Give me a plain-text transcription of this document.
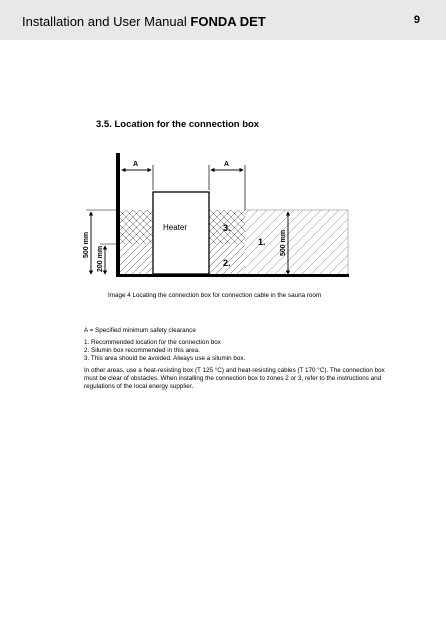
Installation and User Manual FONDA DET	9
3.5. Location for the connection box
Heater
A	A
3.
1.
2.
500 mm
200 mm
500 mm
Image 4 Locating the connection box for connection cable in the sauna room
A = Specified minimum safety clearance
1. Recommended location for the connection box
2. Silumin box recommended in this area.
3. This area should be avoided. Always use a silumin box.
In other areas, use a heat-resisting box (T 125 °C) and heat-resisting cables (T 170 °C). The connection box
must be clear of obstacles. When installing the connection box to zones 2 or 3, refer to the instructions and
regulations of the local energy supplier.
